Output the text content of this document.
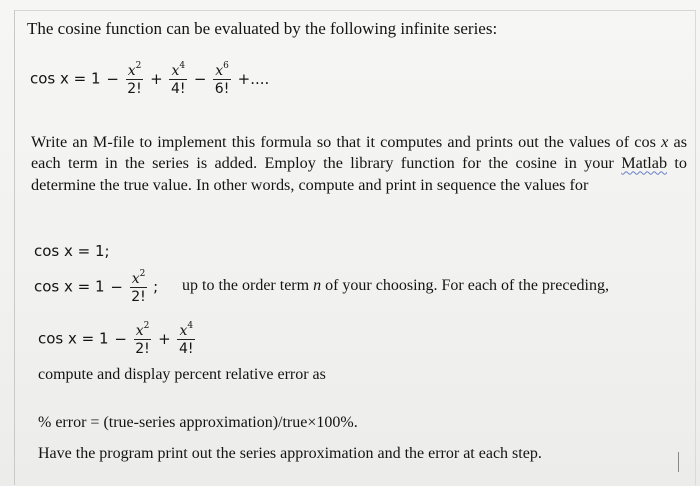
The cosine function can be evaluated by the following infinite series:
$\cos x = 1 - \frac{x^2}{2!} + \frac{x^4}{4!} - \frac{x^6}{6!}$ +....
Write an M-file to implement this formula so that it computes and prints out the values of cos x as each term in the series is added. Employ the library function for the cosine in your Matlab to determine the true value. In other words, compute and print in sequence the values for
cos x = 1;
$\cos x = 1 - \frac{x^2}{2!}$ ; up to the order term n of your choosing. For each of the preceding,
$\cos x = 1 - \frac{x^2}{2!} + \frac{x^4}{4!}$
compute and display percent relative error as
% error = (true-series approximation)/true×100%.
Have the program print out the series approximation and the error at each step.
